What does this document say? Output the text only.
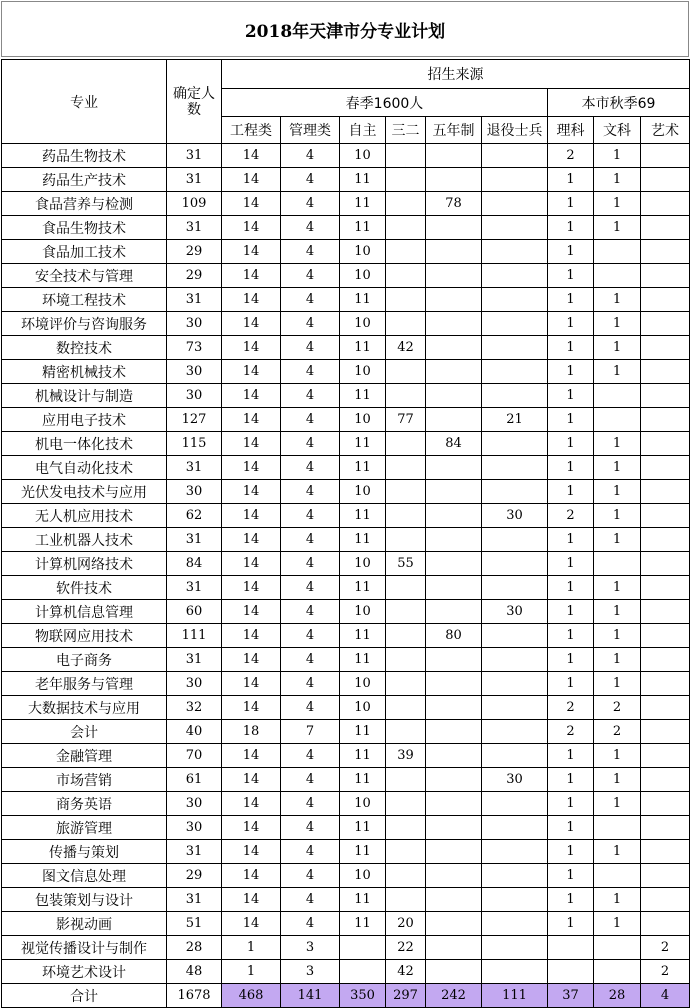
2018年天津市分专业计划
专业	确定人数	招生来源								
		春季1600人						本市秋季69		
		工程类	管理类	自主	三二	五年制	退役士兵	理科	文科	艺术
药品生物技术	31	14	4	10				2	1	
药品生产技术	31	14	4	11				1	1	
食品营养与检测	109	14	4	11		78		1	1	
食品生物技术	31	14	4	11				1	1	
食品加工技术	29	14	4	10				1		
安全技术与管理	29	14	4	10				1		
环境工程技术	31	14	4	11				1	1	
环境评价与咨询服务	30	14	4	10				1	1	
数控技术	73	14	4	11	42			1	1	
精密机械技术	30	14	4	10				1	1	
机械设计与制造	30	14	4	11				1		
应用电子技术	127	14	4	10	77		21	1		
机电一体化技术	115	14	4	11		84		1	1	
电气自动化技术	31	14	4	11				1	1	
光伏发电技术与应用	30	14	4	10				1	1	
无人机应用技术	62	14	4	11			30	2	1	
工业机器人技术	31	14	4	11				1	1	
计算机网络技术	84	14	4	10	55			1		
软件技术	31	14	4	11				1	1	
计算机信息管理	60	14	4	10			30	1	1	
物联网应用技术	111	14	4	11		80		1	1	
电子商务	31	14	4	11				1	1	
老年服务与管理	30	14	4	10				1	1	
大数据技术与应用	32	14	4	10				2	2	
会计	40	18	7	11				2	2	
金融管理	70	14	4	11	39			1	1	
市场营销	61	14	4	11			30	1	1	
商务英语	30	14	4	10				1	1	
旅游管理	30	14	4	11				1		
传播与策划	31	14	4	11				1	1	
图文信息处理	29	14	4	10				1		
包装策划与设计	31	14	4	11				1	1	
影视动画	51	14	4	11	20			1	1	
视觉传播设计与制作	28	1	3		22					2
环境艺术设计	48	1	3		42					2
合计	1678	468	141	350	297	242	111	37	28	4
